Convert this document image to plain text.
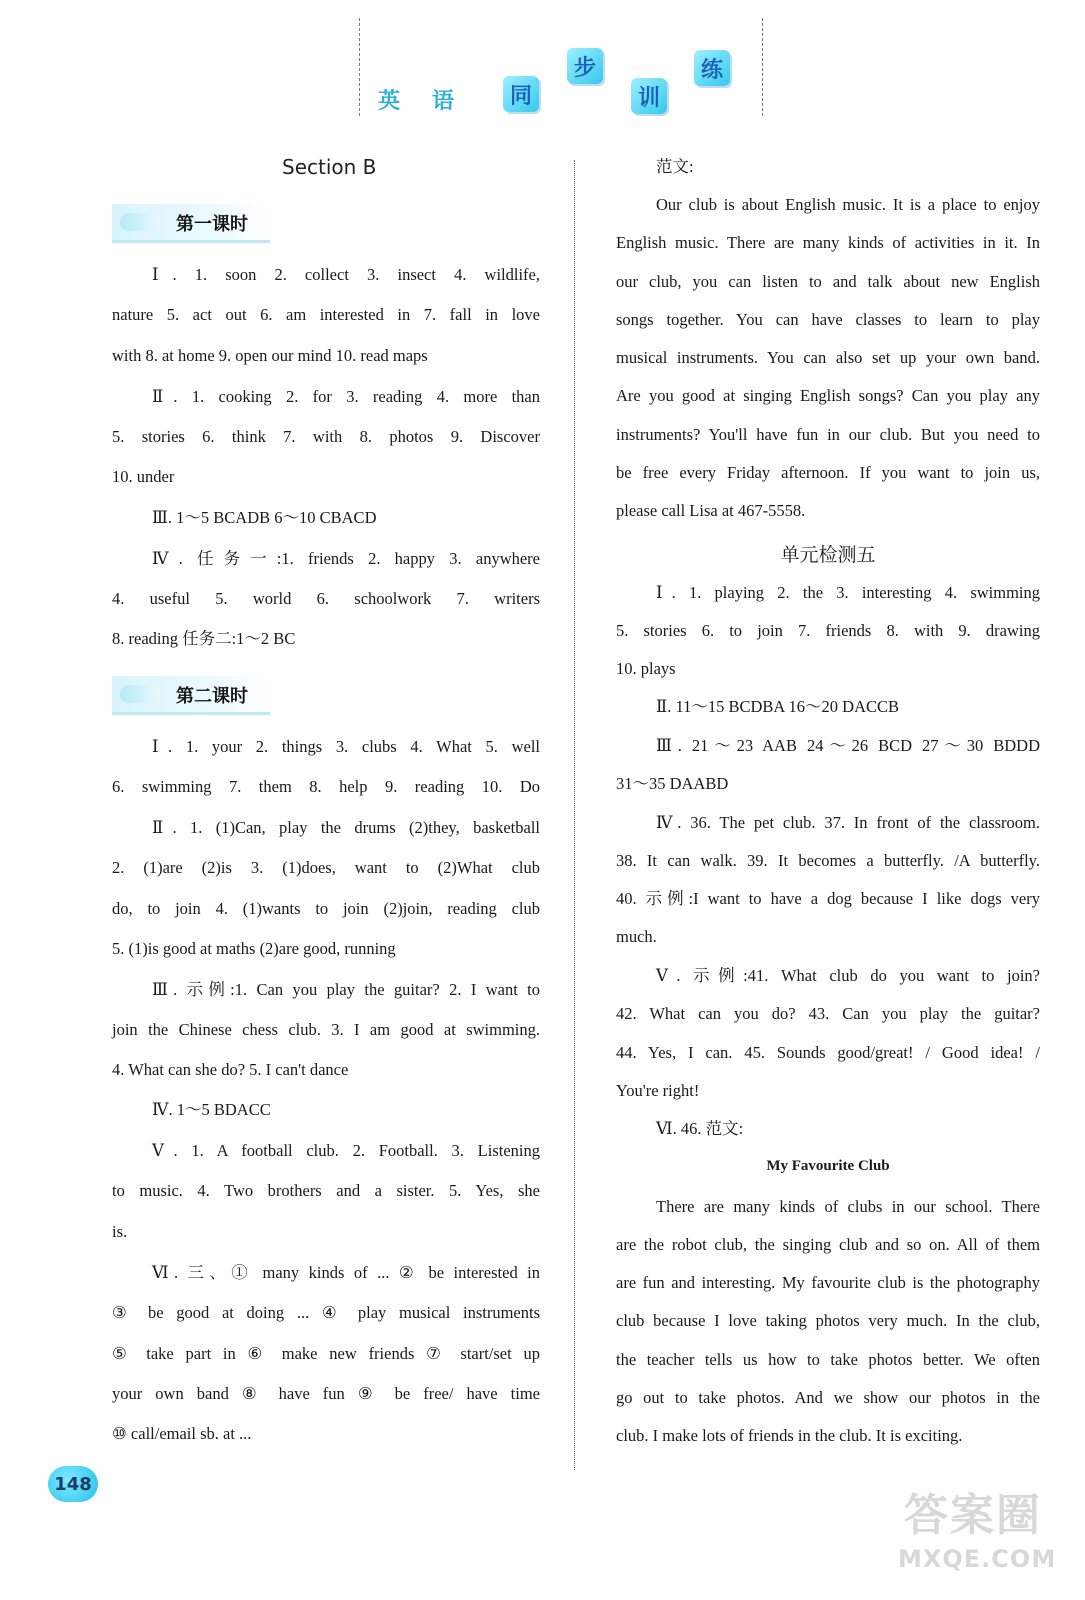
英 语	同
步
训
练
Section B
第一课时
Ⅰ. 1. soon 2. collect 3. insect 4. wildlife,
nature 5. act out 6. am interested in 7. fall in love
with 8. at home 9. open our mind 10. read maps
Ⅱ. 1. cooking 2. for 3. reading 4. more than
5. stories 6. think 7. with 8. photos 9. Discover
10. under
Ⅲ. 1～5 BCADB 6～10 CBACD
Ⅳ. 任务一:1. friends 2. happy 3. anywhere
4. useful 5. world 6. schoolwork 7. writers
8. reading 任务二:1～2 BC
第二课时
Ⅰ. 1. your 2. things 3. clubs 4. What 5. well
6. swimming 7. them 8. help 9. reading 10. Do
Ⅱ. 1. (1)Can, play the drums (2)they, basketball
2. (1)are (2)is 3. (1)does, want to (2)What club
do, to join 4. (1)wants to join (2)join, reading club
5. (1)is good at maths (2)are good, running
Ⅲ. 示例:1. Can you play the guitar? 2. I want to
join the Chinese chess club. 3. I am good at swimming.
4. What can she do? 5. I can't dance
Ⅳ. 1～5 BDACC
Ⅴ. 1. A football club. 2. Football. 3. Listening
to music. 4. Two brothers and a sister. 5. Yes, she
is.
Ⅵ. 三、① many kinds of ... ② be interested in
③ be good at doing ... ④ play musical instruments
⑤ take part in ⑥ make new friends ⑦ start/set up
your own band ⑧ have fun ⑨ be free/ have time
⑩ call/email sb. at ...
范文:
Our club is about English music. It is a place to enjoy
English music. There are many kinds of activities in it. In
our club, you can listen to and talk about new English
songs together. You can have classes to learn to play
musical instruments. You can also set up your own band.
Are you good at singing English songs? Can you play any
instruments? You'll have fun in our club. But you need to
be free every Friday afternoon. If you want to join us,
please call Lisa at 467-5558.
单元检测五
Ⅰ. 1. playing 2. the 3. interesting 4. swimming
5. stories 6. to join 7. friends 8. with 9. drawing
10. plays
Ⅱ. 11～15 BCDBA 16～20 DACCB
Ⅲ. 21～23 AAB 24～26 BCD 27～30 BDDD
31～35 DAABD
Ⅳ. 36. The pet club. 37. In front of the classroom.
38. It can walk. 39. It becomes a butterfly. /A butterfly.
40. 示例:I want to have a dog because I like dogs very
much.
Ⅴ. 示例:41. What club do you want to join?
42. What can you do? 43. Can you play the guitar?
44. Yes, I can. 45. Sounds good/great! / Good idea! /
You're right!
Ⅵ. 46. 范文:
My Favourite Club
There are many kinds of clubs in our school. There
are the robot club, the singing club and so on. All of them
are fun and interesting. My favourite club is the photography
club because I love taking photos very much. In the club,
the teacher tells us how to take photos better. We often
go out to take photos. And we show our photos in the
club. I make lots of friends in the club. It is exciting.
148
答案圈
MXQE.COM
